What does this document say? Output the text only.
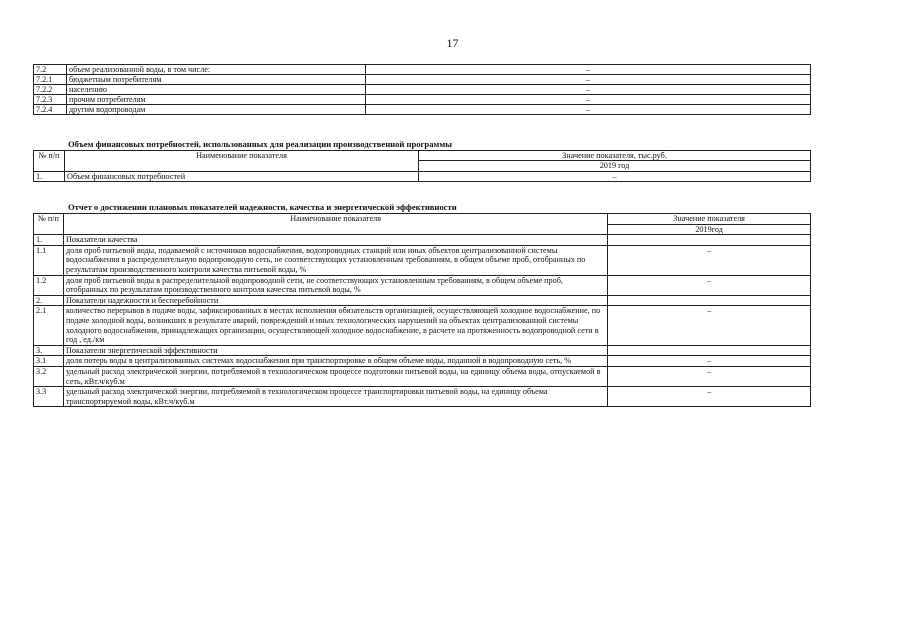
17
7.2	объем реализованной воды, в том числе:	–
7.2.1	бюджетным потребителям	–
7.2.2	населению	–
7.2.3	прочим потребителям	–
7.2.4	другим водопроводам	–
Объем финансовых потребностей, использованных для реализации производственной программы
№ п/п	Наименование показателя	Значение показателя, тыс.руб.
		2019 год
1.	Объем финансовых потребностей	–
Отчет о достижении плановых показателей надежности, качества и энергетической эффективности
№ п/п	Наименование показателя	Значение показателя
		2019год
1.	Показатели качества	
1.1	доля проб питьевой воды, подаваемой с источников водоснабжения, водопроводных станций или иных объектов централизованной системы водоснабжения в распределительную водопроводную сеть, не соответствующих установленным требованиям, в общем объеме проб, отобранных по результатам производственного контроля качества питьевой воды, %	–
1.2	доля проб питьевой воды в распределительной водопроводной сети, не соответствующих установленным требованиям, в общем объеме проб, отобранных по результатам производственного контроля качества питьевой воды, %	–
2.	Показатели надежности и бесперебойности	
2.1	количество перерывов в подаче воды, зафиксированных в местах исполнения обязательств организацией, осуществляющей холодное водоснабжение, по подаче холодной воды, возникших в результате аварий, повреждений и иных технологических нарушений на объектах централизованной системы холодного водоснабжения, принадлежащих организации, осуществляющей холодное водоснабжение, в расчете на протяженность водопроводной сети в год , ед./км	–
3.	Показатели энергетической эффективности	
3.1	доля потерь воды в централизованных системах водоснабжения при транспортировке в общем объеме воды, поданной в водопроводную сеть, %	–
3.2	удельный расход электрической энергии, потребляемой в технологическом процессе подготовки питьевой воды, на единицу объема воды, отпускаемой в сеть, кВт.ч/куб.м	–
3.3	удельный расход электрической энергии, потребляемой в технологическом процессе транспортировки питьевой воды, на единицу объема транспортируемой воды, кВт.ч/куб.м	–
